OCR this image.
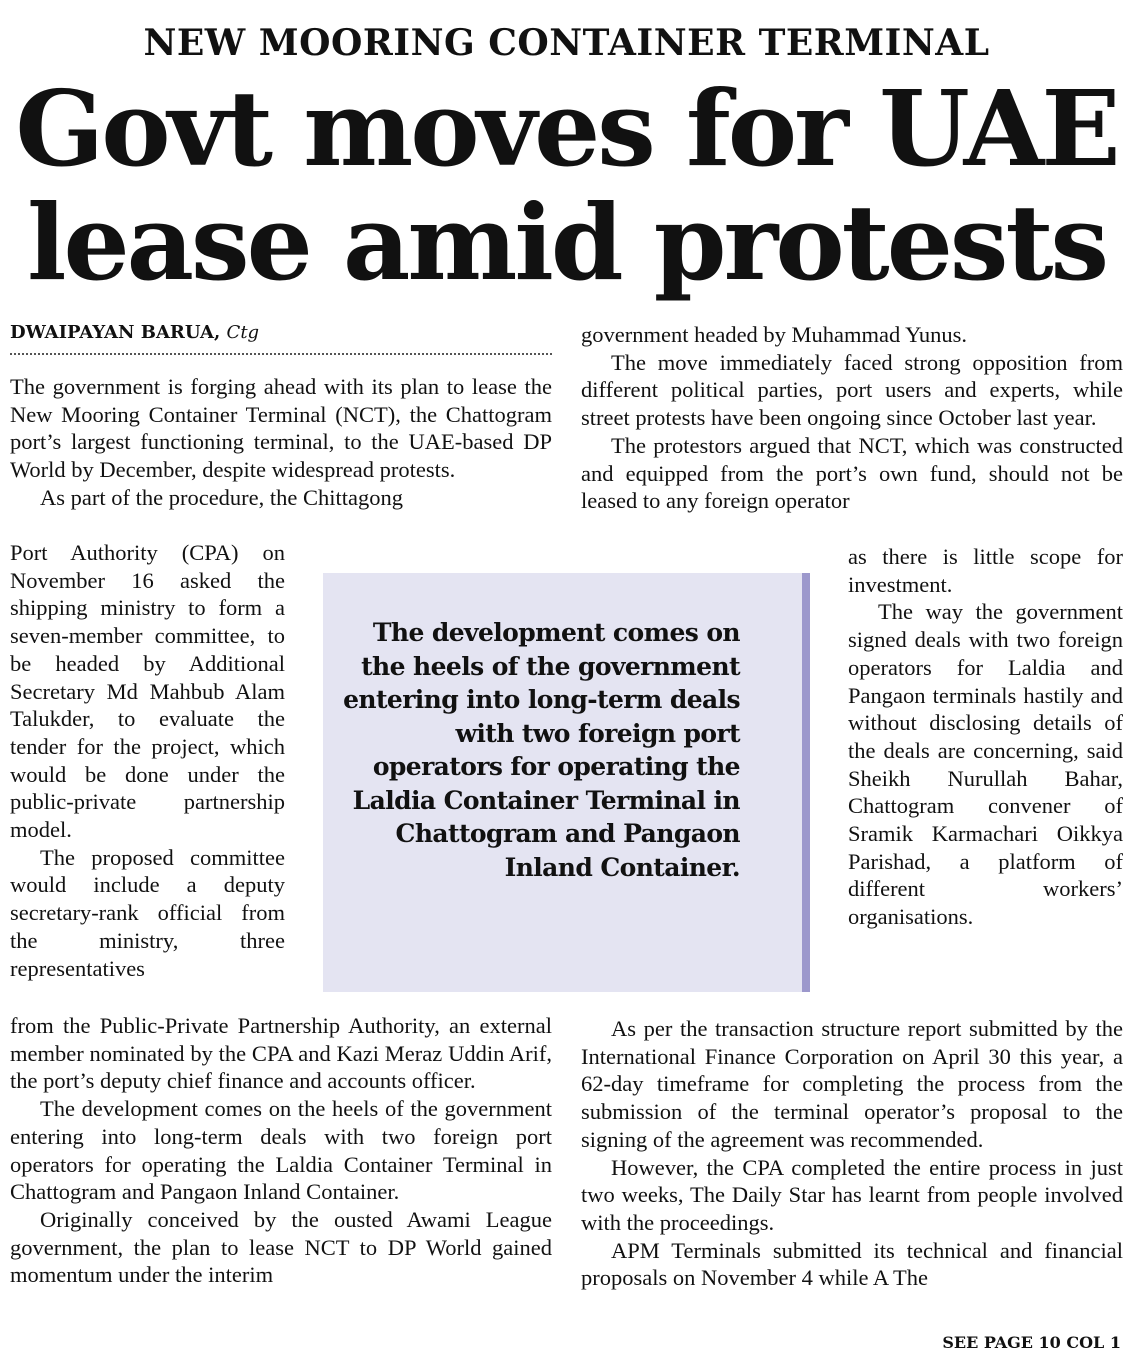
NEW MOORING CONTAINER TERMINAL
Govt moves for UAE
lease amid protests
DWAIPAYAN BARUA, Ctg

The government is forging ahead with its plan to lease the New Mooring Container Terminal (NCT), the Chattogram port’s largest functioning terminal, to the UAE-based DP World by December, despite widespread protests.

As part of the procedure, the Chittagong

Port Authority (CPA) on November 16 asked the shipping ministry to form a seven-member committee, to be headed by Additional Secretary Md Mahbub Alam Talukder, to evaluate the tender for the project, which would be done under the public-private partnership model.

The proposed committee would include a deputy secretary-rank official from the ministry, three representatives

from the Public-Private Partnership Authority, an external member nominated by the CPA and Kazi Meraz Uddin Arif, the port’s deputy chief finance and accounts officer.

The development comes on the heels of the government entering into long-term deals with two foreign port operators for operating the Laldia Container Terminal in Chattogram and Pangaon Inland Container.

Originally conceived by the ousted Awami League government, the plan to lease NCT to DP World gained momentum under the interim

government headed by Muhammad Yunus.

The move immediately faced strong opposition from different political parties, port users and experts, while street protests have been ongoing since October last year.

The protestors argued that NCT, which was constructed and equipped from the port’s own fund, should not be leased to any foreign operator

as there is little scope for investment.

The way the government signed deals with two foreign operators for Laldia and Pangaon terminals hastily and without disclosing details of the deals are concerning, said Sheikh Nurullah Bahar, Chattogram convener of Sramik Karmachari Oikkya Parishad, a platform of different workers’ organisations.

As per the transaction structure report submitted by the International Finance Corporation on April 30 this year, a 62-day timeframe for completing the process from the submission of the terminal operator’s proposal to the signing of the agreement was recommended.

However, the CPA completed the entire process in just two weeks, The Daily Star has learnt from people involved with the proceedings.

APM Terminals submitted its technical and financial proposals on November 4 while A The

The development comes on the heels of the government entering into long-term deals with two foreign port operators for operating the Laldia Container Terminal in Chattogram and Pangaon Inland Container.
SEE PAGE 10 COL 1
